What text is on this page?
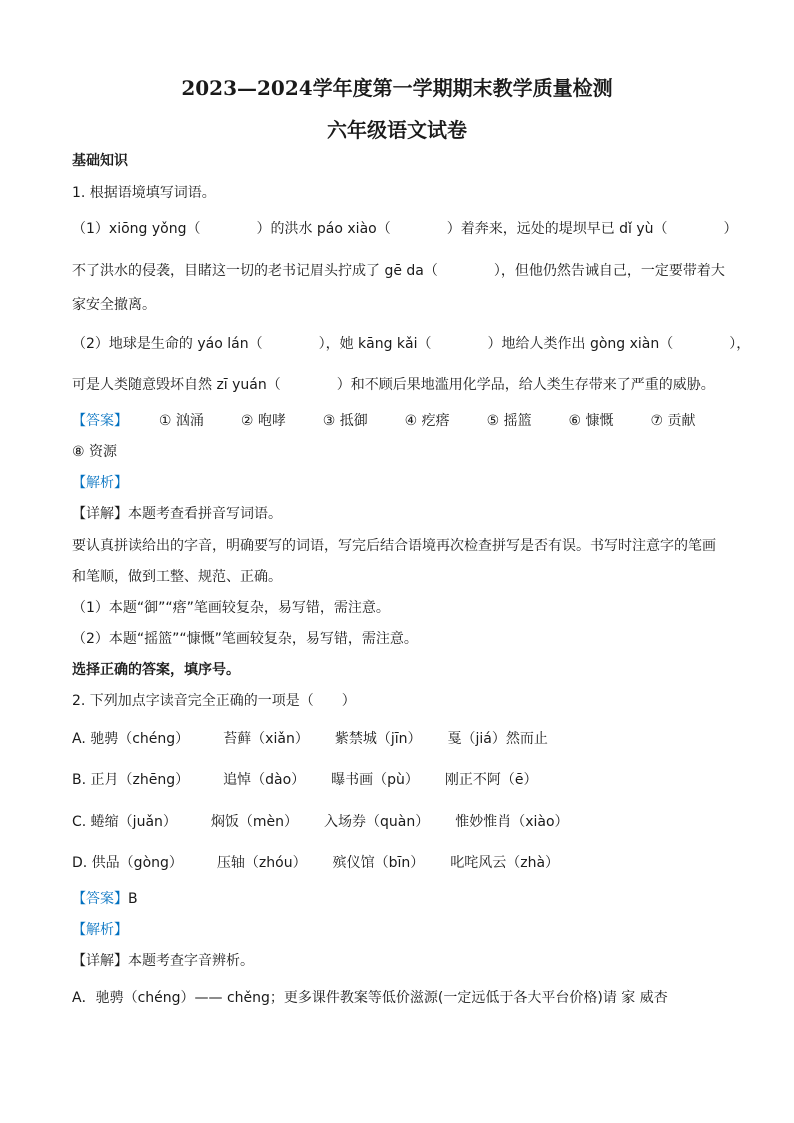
2023—2024学年度第一学期期末教学质量检测
六年级语文试卷
基础知识
1. 根据语境填写词语。
（1）xiōng yǒng（　　　　）的洪水 páo xiào（　　　　）着奔来，远处的堤坝早已 dǐ yù（　　　　）
不了洪水的侵袭，目睹这一切的老书记眉头拧成了 gē da（　　　　），但他仍然告诫自己，一定要带着大
家安全撤离。
（2）地球是生命的 yáo lán（　　　　），她 kāng kǎi（　　　　）地给人类作出 gòng xiàn（　　　　），
可是人类随意毁坏自然 zī yuán（　　　　）和不顾后果地滥用化学品，给人类生存带来了严重的威胁。
【答案】 ① 汹涌	② 咆哮	③ 抵御	④ 疙瘩	⑤ 摇篮	⑥ 慷慨	⑦ 贡献
⑧ 资源
【解析】
【详解】本题考查看拼音写词语。
要认真拼读给出的字音，明确要写的词语，写完后结合语境再次检查拼写是否有误。书写时注意字的笔画
和笔顺，做到工整、规范、正确。
（1）本题“御”“瘩”笔画较复杂，易写错，需注意。
（2）本题“摇篮”“慷慨”笔画较复杂，易写错，需注意。
选择正确的答案，填序号。
2. 下列加点字读音完全正确的一项是（　　）
A. 驰骋（chéng） 苔藓（xiǎn） 紫禁城（jīn） 戛（jiá）然而止
B. 正月（zhēng） 追悼（dào） 曝书画（pù） 刚正不阿（ē）
C. 蜷缩（juǎn） 焖饭（mèn） 入场券（quàn） 惟妙惟肖（xiào）
D. 供品（gòng） 压轴（zhóu） 殡仪馆（bīn） 叱咤风云（zhà）
【答案】B
【解析】
【详解】本题考查字音辨析。
A．驰骋（chéng）—— chěng；更多课件教案等低价滋源(一定远低于各大平台价格)请 家 威杏
